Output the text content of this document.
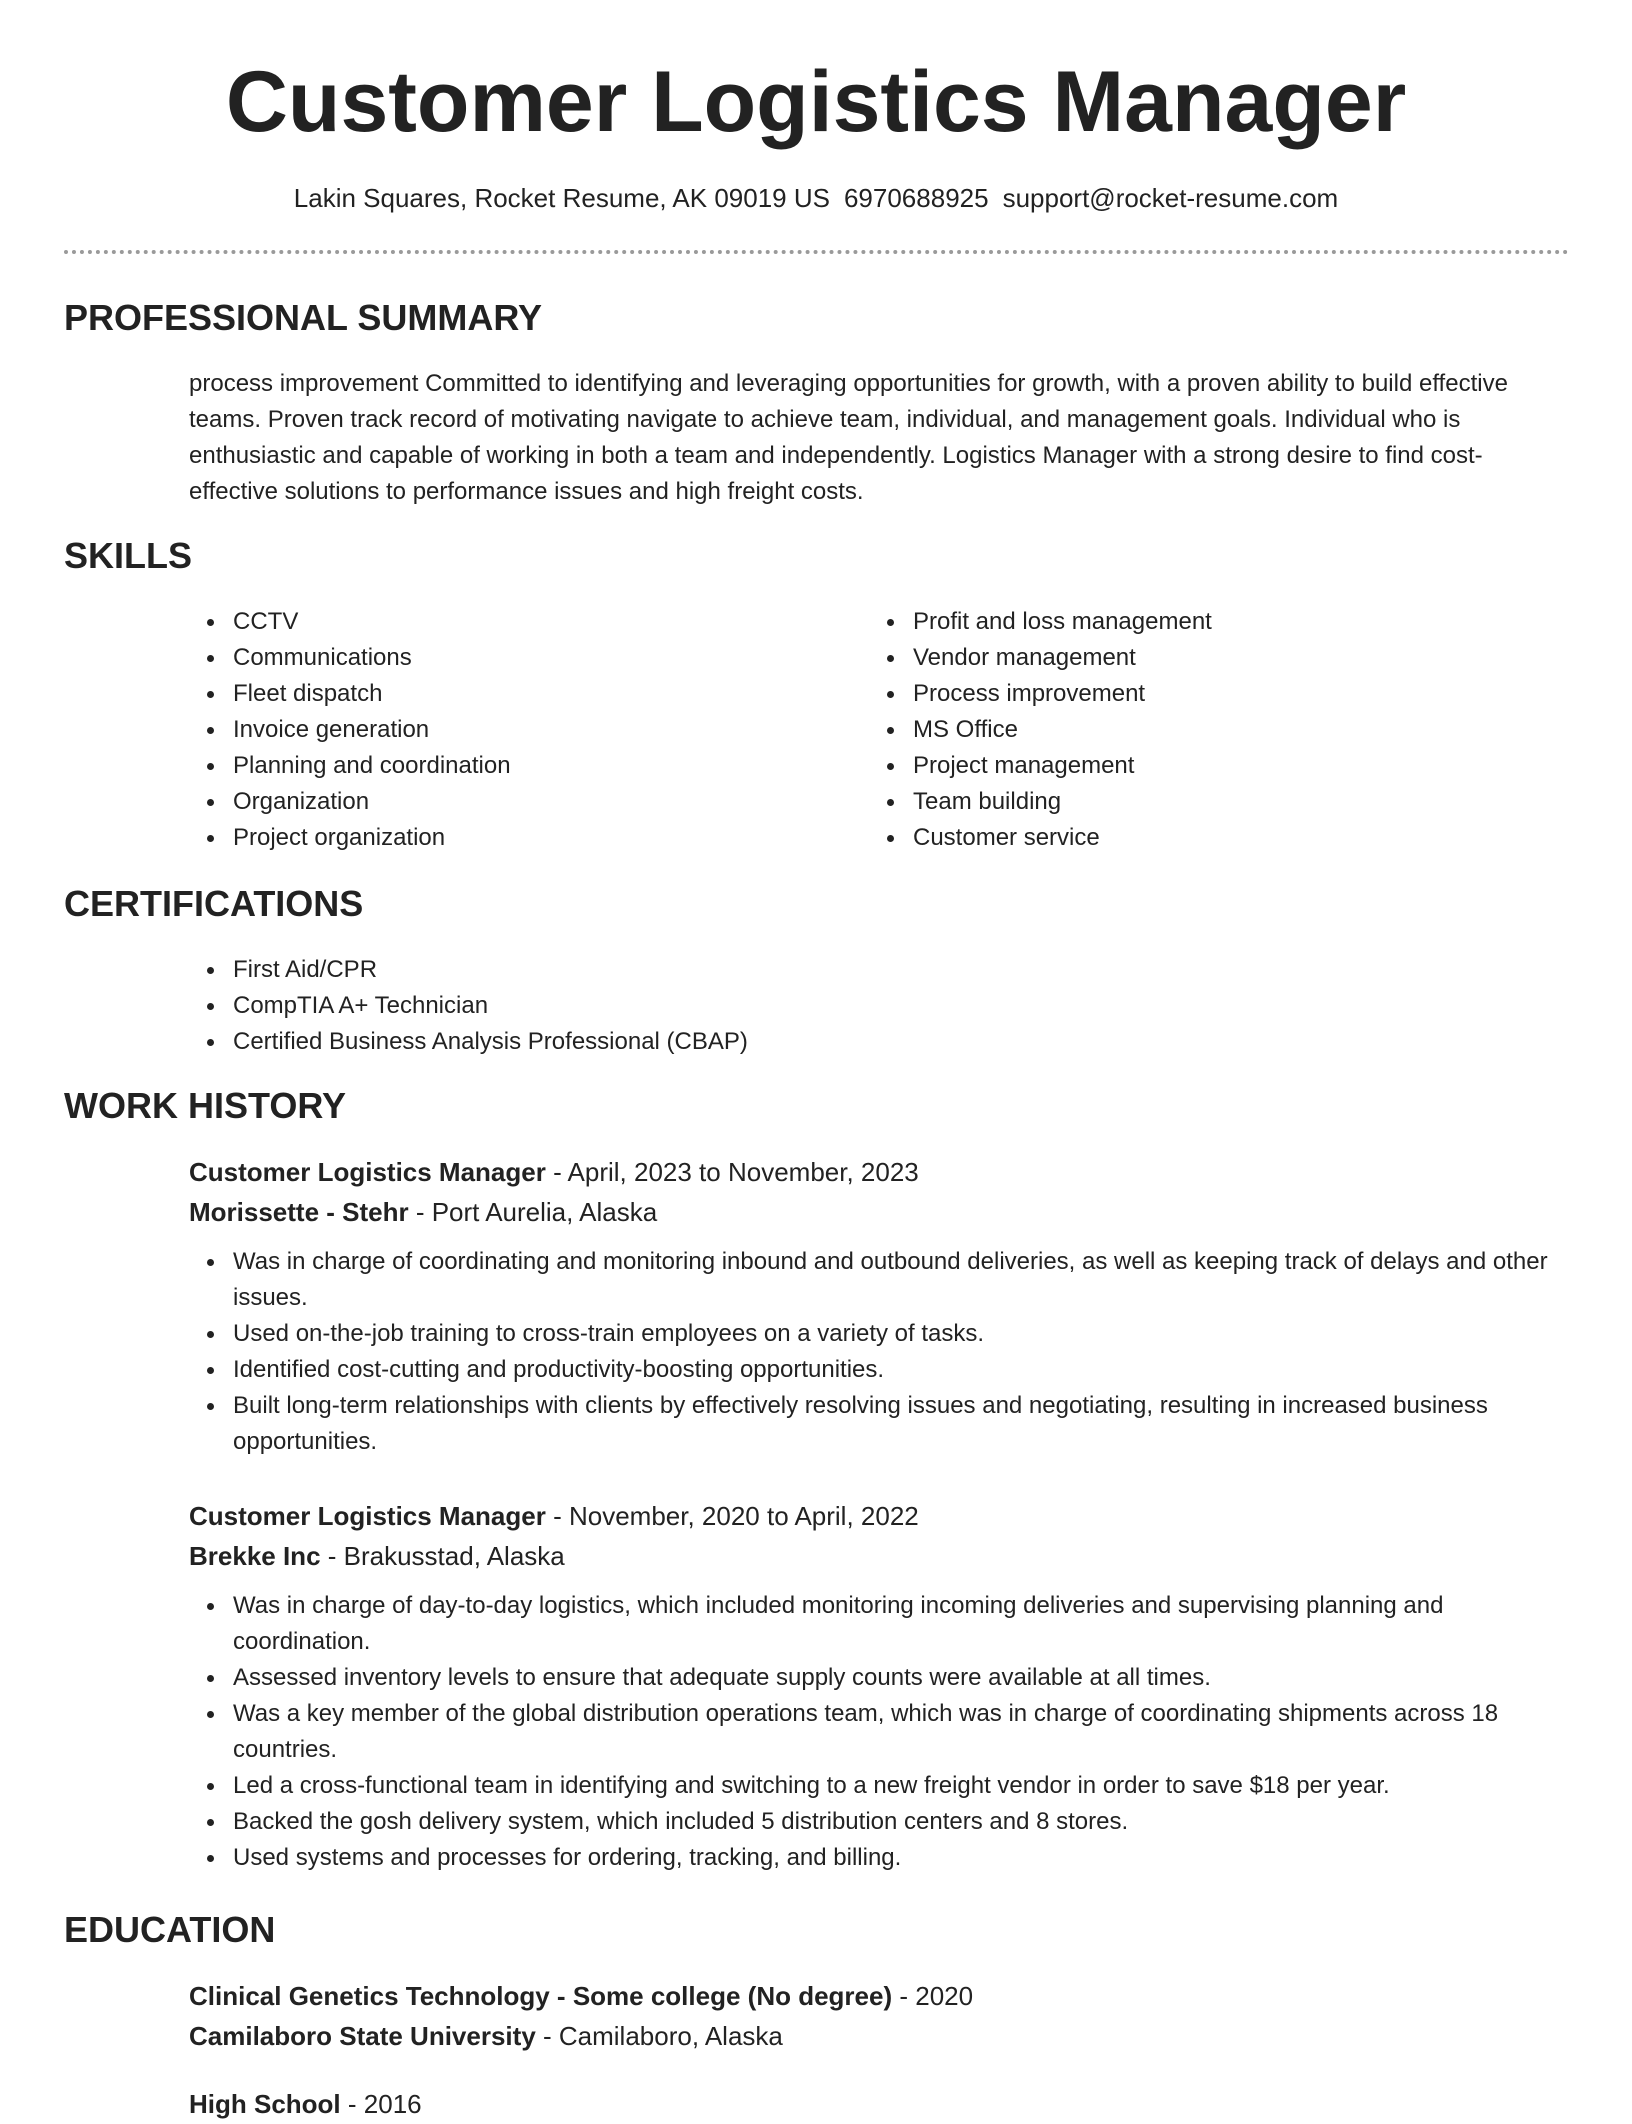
Customer Logistics Manager
Lakin Squares, Rocket Resume, AK 09019 US 6970688925 support@rocket-resume.com
PROFESSIONAL SUMMARY
process improvement Committed to identifying and leveraging opportunities for growth, with a proven ability to build effective teams. Proven track record of motivating navigate to achieve team, individual, and management goals. Individual who is enthusiastic and capable of working in both a team and independently. Logistics Manager with a strong desire to find cost-effective solutions to performance issues and high freight costs.
SKILLS
CCTV
Communications
Fleet dispatch
Invoice generation
Planning and coordination
Organization
Project organization
Profit and loss management
Vendor management
Process improvement
MS Office
Project management
Team building
Customer service
CERTIFICATIONS
First Aid/CPR
CompTIA A+ Technician
Certified Business Analysis Professional (CBAP)
WORK HISTORY
Customer Logistics Manager - April, 2023 to November, 2023
Morissette - Stehr - Port Aurelia, Alaska
Was in charge of coordinating and monitoring inbound and outbound deliveries, as well as keeping track of delays and other issues.
Used on-the-job training to cross-train employees on a variety of tasks.
Identified cost-cutting and productivity-boosting opportunities.
Built long-term relationships with clients by effectively resolving issues and negotiating, resulting in increased business opportunities.
Customer Logistics Manager - November, 2020 to April, 2022
Brekke Inc - Brakusstad, Alaska
Was in charge of day-to-day logistics, which included monitoring incoming deliveries and supervising planning and coordination.
Assessed inventory levels to ensure that adequate supply counts were available at all times.
Was a key member of the global distribution operations team, which was in charge of coordinating shipments across 18 countries.
Led a cross-functional team in identifying and switching to a new freight vendor in order to save $18 per year.
Backed the gosh delivery system, which included 5 distribution centers and 8 stores.
Used systems and processes for ordering, tracking, and billing.
EDUCATION
Clinical Genetics Technology - Some college (No degree) - 2020
Camilaboro State University - Camilaboro, Alaska
High School - 2016
